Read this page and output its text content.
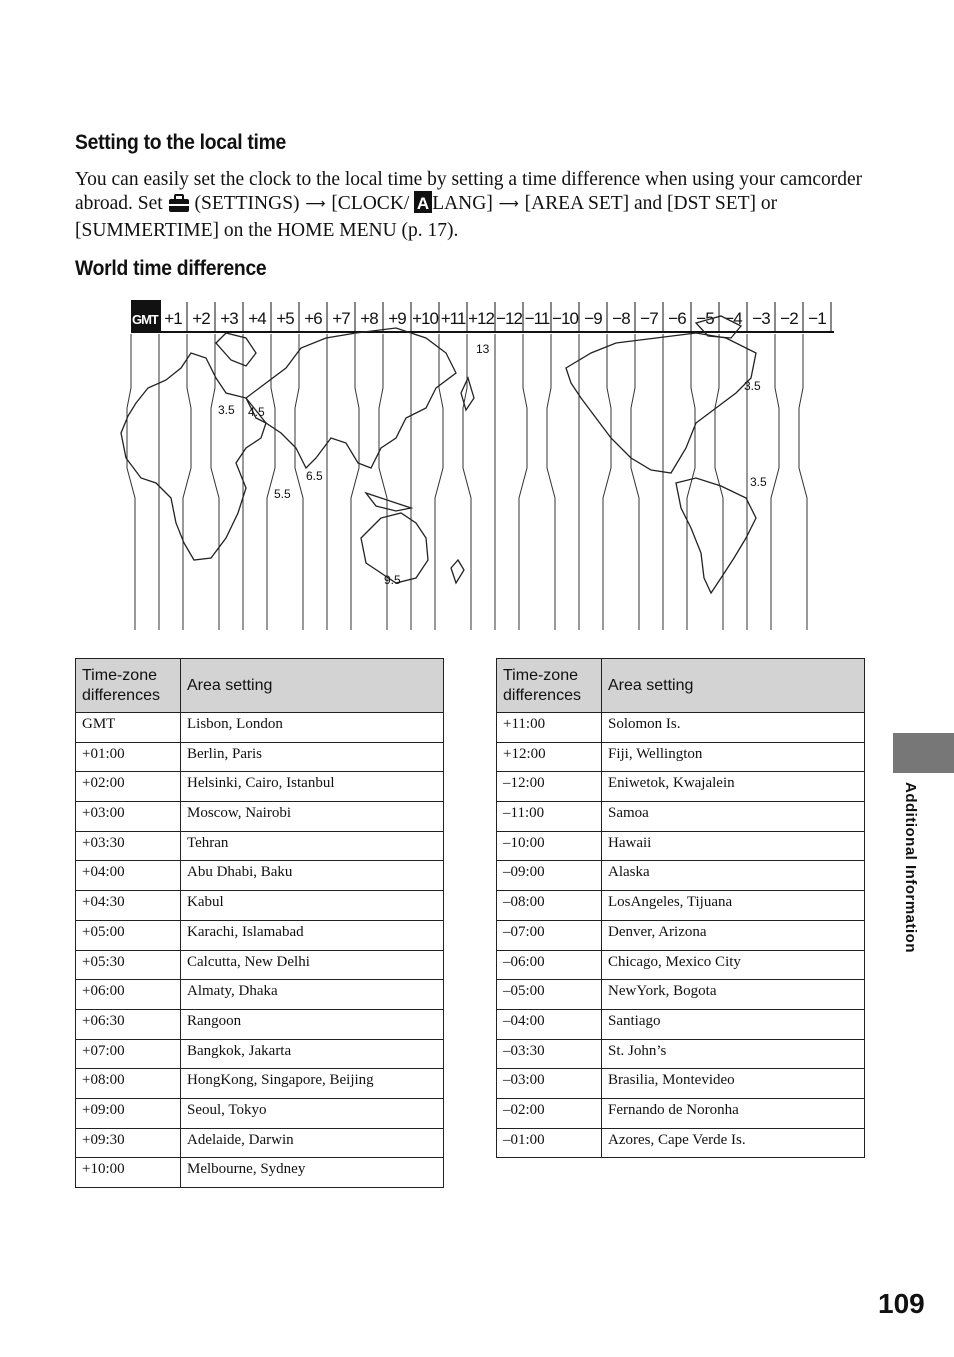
Setting to the local time
You can easily set the clock to the local time by setting a time difference when using your camcorder abroad. Set  (SETTINGS) ⟶ [CLOCK/ A LANG] ⟶ [AREA SET] and [DST SET] or [SUMMERTIME] on the HOME MENU (p. 17).
World time difference
GMT +1 +2 +3 +4 +5 +6 +7 +8 +9 +10 +11 +12 −12 −11 −10 −9 −8 −7 −6 −5 −4 −3 −2 −1
13
3.5 4.5
5.5
6.5
9.5
3.5
3.5
Time-zone differences	Area setting
GMT	Lisbon, London
+01:00	Berlin, Paris
+02:00	Helsinki, Cairo, Istanbul
+03:00	Moscow, Nairobi
+03:30	Tehran
+04:00	Abu Dhabi, Baku
+04:30	Kabul
+05:00	Karachi, Islamabad
+05:30	Calcutta, New Delhi
+06:00	Almaty, Dhaka
+06:30	Rangoon
+07:00	Bangkok, Jakarta
+08:00	HongKong, Singapore, Beijing
+09:00	Seoul, Tokyo
+09:30	Adelaide, Darwin
+10:00	Melbourne, Sydney
Time-zone differences	Area setting
+11:00	Solomon Is.
+12:00	Fiji, Wellington
–12:00	Eniwetok, Kwajalein
–11:00	Samoa
–10:00	Hawaii
–09:00	Alaska
–08:00	LosAngeles, Tijuana
–07:00	Denver, Arizona
–06:00	Chicago, Mexico City
–05:00	NewYork, Bogota
–04:00	Santiago
–03:30	St. John’s
–03:00	Brasilia, Montevideo
–02:00	Fernando de Noronha
–01:00	Azores, Cape Verde Is.
Additional Information
109
